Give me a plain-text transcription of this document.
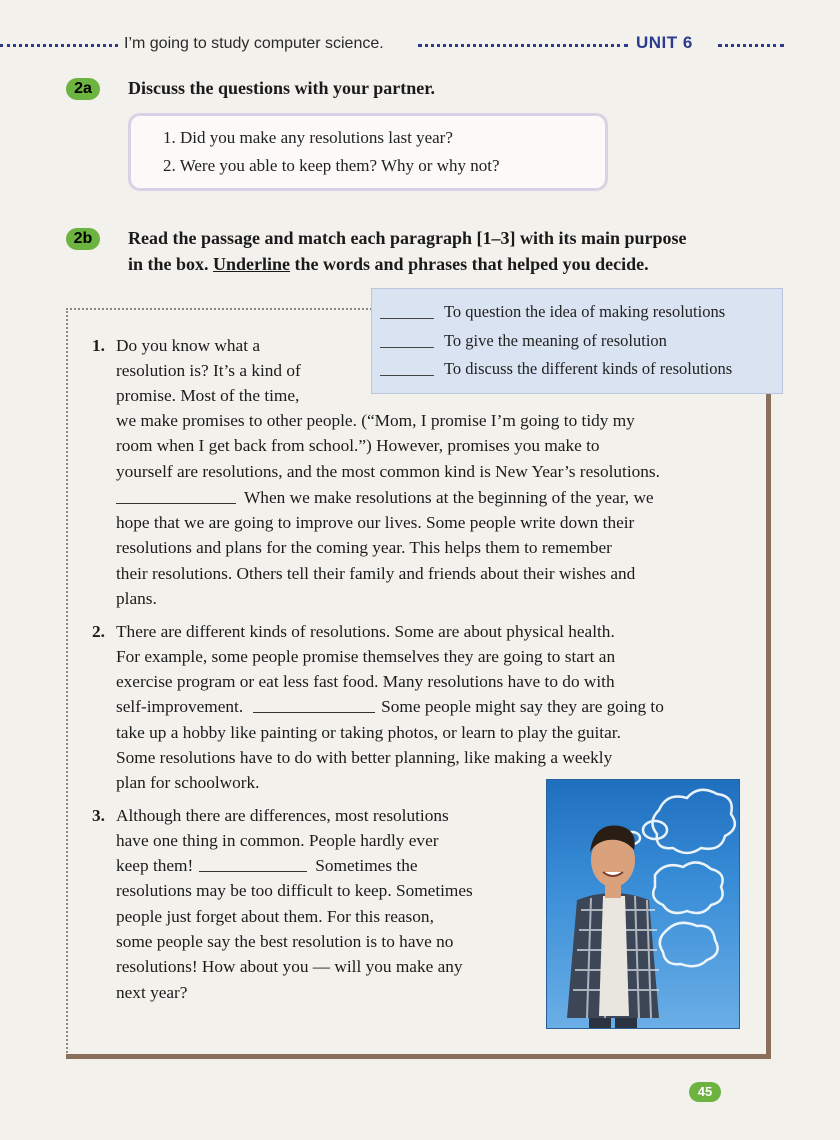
I’m going to study computer science.	UNIT 6
2a	Discuss the questions with your partner.
1. Did you make any resolutions last year?
2. Were you able to keep them? Why or why not?
2b	Read the passage and match each paragraph [1–3] with its main purpose
in the box. Underline the words and phrases that helped you decide.
To question the idea of making resolutions
To give the meaning of resolution
To discuss the different kinds of resolutions
1. Do you know what a
resolution is? It’s a kind of
promise. Most of the time,
we make promises to other people. (“Mom, I promise I’m going to tidy my
room when I get back from school.”) However, promises you make to
yourself are resolutions, and the most common kind is New Year’s resolutions.
When we make resolutions at the beginning of the year, we
hope that we are going to improve our lives. Some people write down their
resolutions and plans for the coming year. This helps them to remember
their resolutions. Others tell their family and friends about their wishes and
plans.
2. There are different kinds of resolutions. Some are about physical health.
For example, some people promise themselves they are going to start an
exercise program or eat less fast food. Many resolutions have to do with
self-improvement.	Some people might say they are going to
take up a hobby like painting or taking photos, or learn to play the guitar.
Some resolutions have to do with better planning, like making a weekly
plan for schoolwork.
3. Although there are differences, most resolutions
have one thing in common. People hardly ever
keep them!	Sometimes the
resolutions may be too difficult to keep. Sometimes
people just forget about them. For this reason,
some people say the best resolution is to have no
resolutions! How about you — will you make any
next year?
45
